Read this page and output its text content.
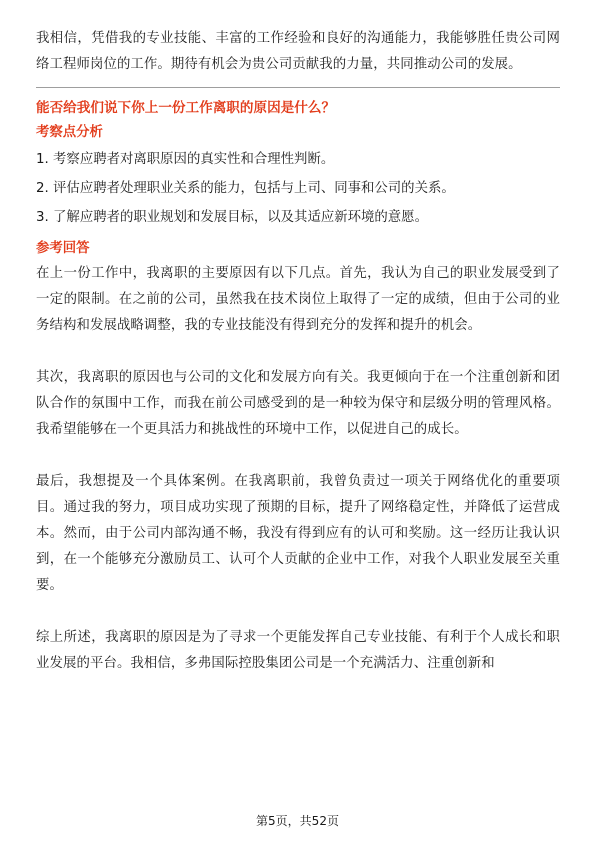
我相信，凭借我的专业技能、丰富的工作经验和良好的沟通能力，我能够胜任贵公司网络工程师岗位的工作。期待有机会为贵公司贡献我的力量，共同推动公司的发展。

能否给我们说下你上一份工作离职的原因是什么？

考察点分析

1. 考察应聘者对离职原因的真实性和合理性判断。
2. 评估应聘者处理职业关系的能力，包括与上司、同事和公司的关系。
3. 了解应聘者的职业规划和发展目标，以及其适应新环境的意愿。

参考回答

在上一份工作中，我离职的主要原因有以下几点。首先，我认为自己的职业发展受到了一定的限制。在之前的公司，虽然我在技术岗位上取得了一定的成绩，但由于公司的业务结构和发展战略调整，我的专业技能没有得到充分的发挥和提升的机会。

其次，我离职的原因也与公司的文化和发展方向有关。我更倾向于在一个注重创新和团队合作的氛围中工作，而我在前公司感受到的是一种较为保守和层级分明的管理风格。我希望能够在一个更具活力和挑战性的环境中工作，以促进自己的成长。

最后，我想提及一个具体案例。在我离职前，我曾负责过一项关于网络优化的重要项目。通过我的努力，项目成功实现了预期的目标，提升了网络稳定性，并降低了运营成本。然而，由于公司内部沟通不畅，我没有得到应有的认可和奖励。这一经历让我认识到，在一个能够充分激励员工、认可个人贡献的企业中工作，对我个人职业发展至关重要。

综上所述，我离职的原因是为了寻求一个更能发挥自己专业技能、有利于个人成长和职业发展的平台。我相信，多弗国际控股集团公司是一个充满活力、注重创新和

第5页，共52页
